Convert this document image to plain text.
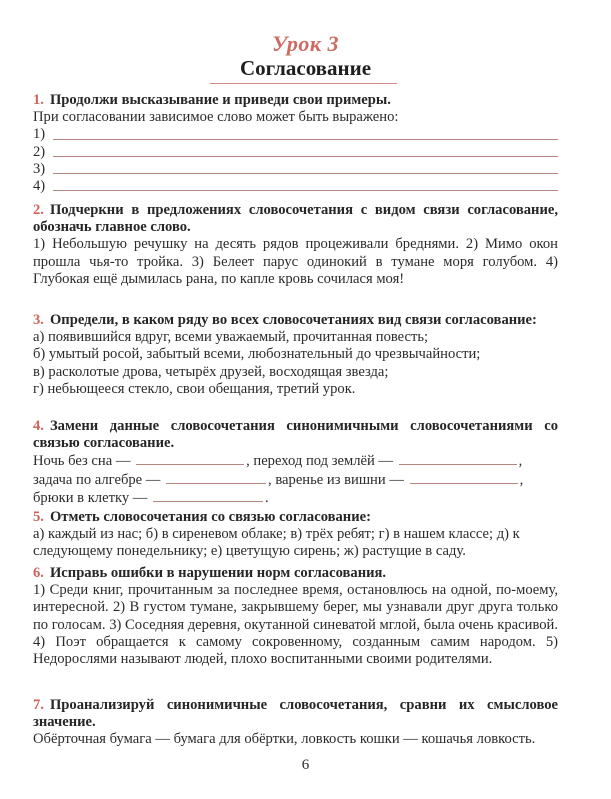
Урок 3
Согласование
1. Продолжи высказывание и приведи свои примеры.
При согласовании зависимое слово может быть выражено:
1)
2)
3)
4)
2. Подчеркни в предложениях словосочетания с видом связи согласование, обозначь главное слово.
1) Небольшую речушку на десять рядов процеживали бреднями. 2) Мимо окон прошла чья-то тройка. 3) Белеет парус одинокий в тумане моря голубом. 4) Глубокая ещё дымилась рана, по капле кровь сочилася моя!
3. Определи, в каком ряду во всех словосочетаниях вид связи согласование:
а) появившийся вдруг, всеми уважаемый, прочитанная повесть;
б) умытый росой, забытый всеми, любознательный до чрезвычайности;
в) расколотые дрова, четырёх друзей, восходящая звезда;
г) небьющееся стекло, свои обещания, третий урок.
4. Замени данные словосочетания синонимичными словосочетаниями со связью согласование.
Ночь без сна —	, переход под землёй —	,
задача по алгебре —	, варенье из вишни —	,
брюки в клетку —	.
5. Отметь словосочетания со связью согласование:
а) каждый из нас; б) в сиреневом облаке; в) трёх ребят; г) в нашем классе; д) к следующему понедельнику; е) цветущую сирень; ж) растущие в саду.
6. Исправь ошибки в нарушении норм согласования.
1) Среди книг, прочитанным за последнее время, остановлюсь на одной, по-моему, интересной. 2) В густом тумане, закрывшему берег, мы узнавали друг друга только по голосам. 3) Соседняя деревня, окутанной синеватой мглой, была очень красивой. 4) Поэт обращается к самому сокровенному, созданным самим народом. 5) Недорослями называют людей, плохо воспитанными своими родителями.
7. Проанализируй синонимичные словосочетания, сравни их смысловое значение.
Обёрточная бумага — бумага для обёртки, ловкость кошки — кошачья ловкость.
6
